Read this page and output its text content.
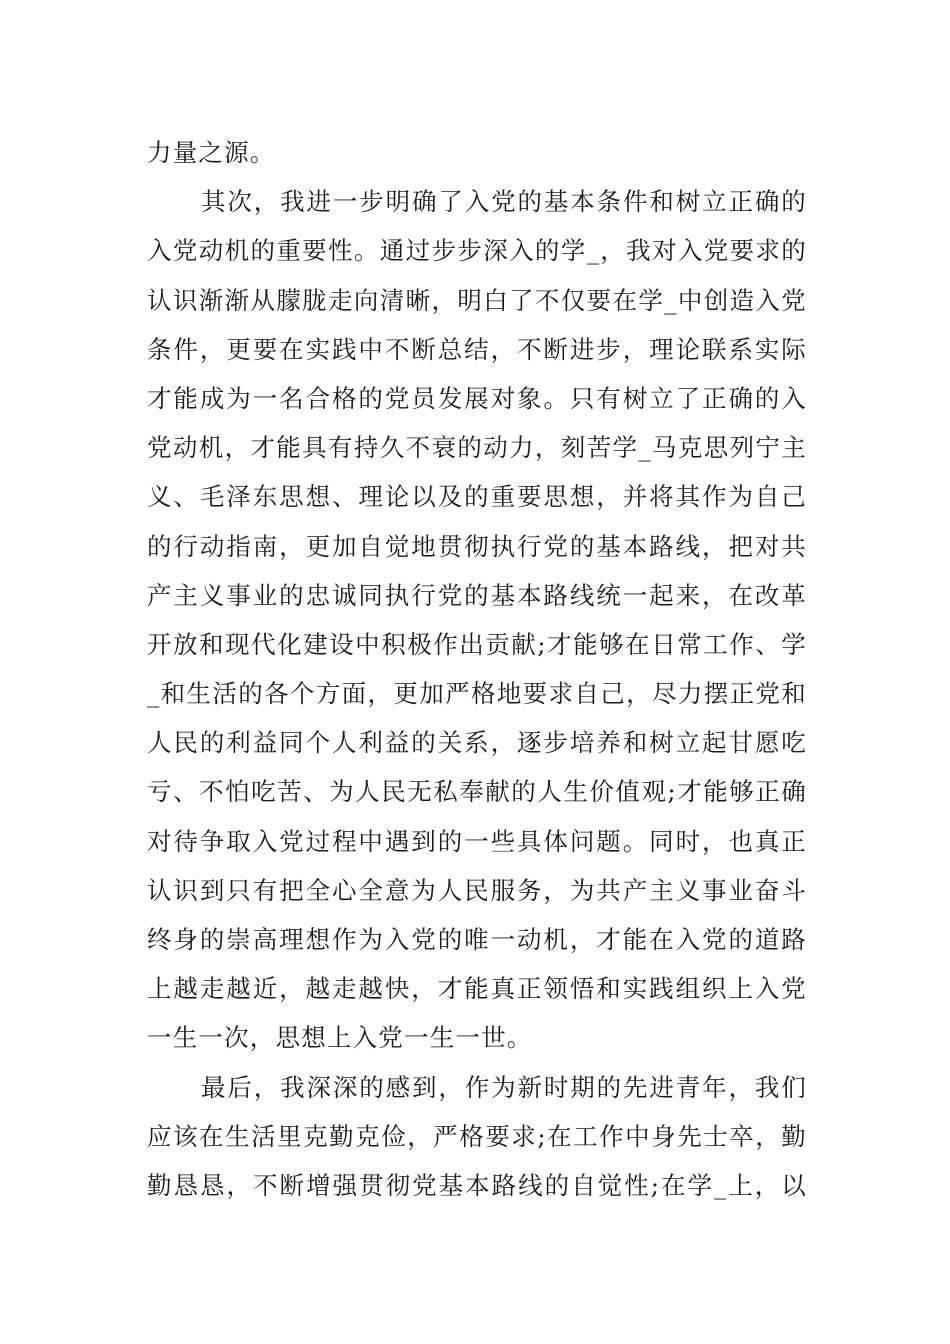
力量之源。
其次，我进一步明确了入党的基本条件和树立正确的
入党动机的重要性。通过步步深入的学_，我对入党要求的
认识渐渐从朦胧走向清晰，明白了不仅要在学_中创造入党
条件，更要在实践中不断总结，不断进步，理论联系实际
才能成为一名合格的党员发展对象。只有树立了正确的入
党动机，才能具有持久不衰的动力，刻苦学_马克思列宁主
义、毛泽东思想、理论以及的重要思想，并将其作为自己
的行动指南，更加自觉地贯彻执行党的基本路线，把对共
产主义事业的忠诚同执行党的基本路线统一起来，在改革
开放和现代化建设中积极作出贡献;才能够在日常工作、学
_和生活的各个方面，更加严格地要求自己，尽力摆正党和
人民的利益同个人利益的关系，逐步培养和树立起甘愿吃
亏、不怕吃苦、为人民无私奉献的人生价值观;才能够正确
对待争取入党过程中遇到的一些具体问题。同时，也真正
认识到只有把全心全意为人民服务，为共产主义事业奋斗
终身的崇高理想作为入党的唯一动机，才能在入党的道路
上越走越近，越走越快，才能真正领悟和实践组织上入党
一生一次，思想上入党一生一世。
最后，我深深的感到，作为新时期的先进青年，我们
应该在生活里克勤克俭，严格要求;在工作中身先士卒，勤
勤恳恳，不断增强贯彻党基本路线的自觉性;在学_上，以
